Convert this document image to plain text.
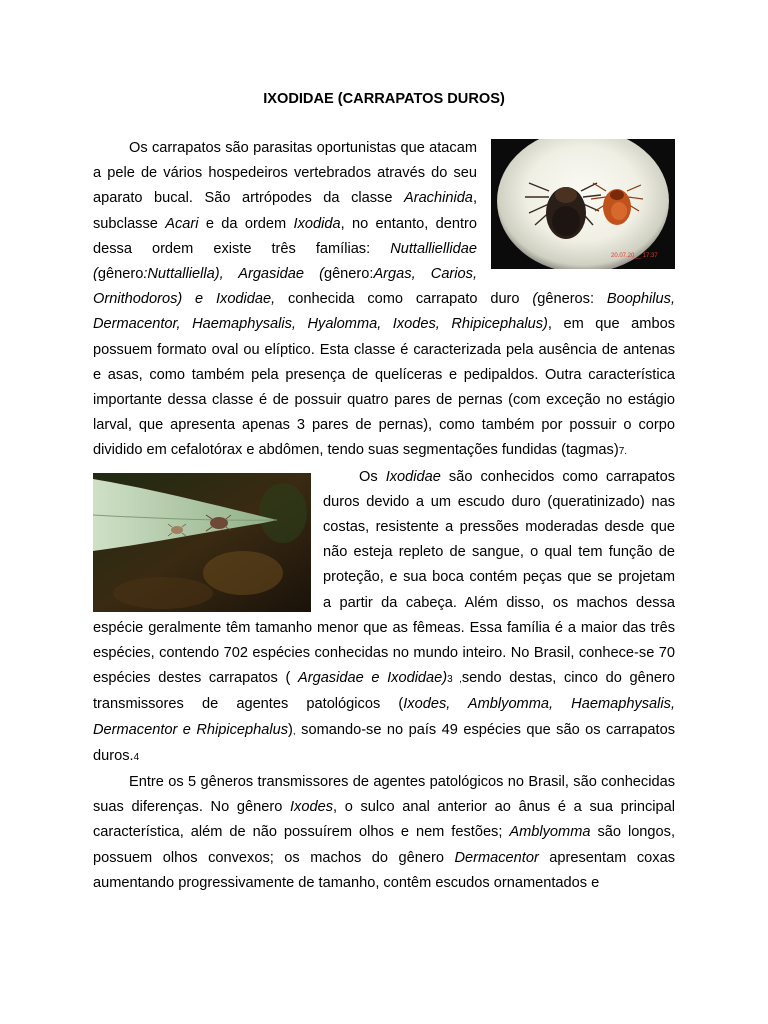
IXODIDAE (CARRAPATOS DUROS)

20.07.20__ 17:37
Os carrapatos são parasitas oportunistas que atacam a pele de vários hospedeiros vertebrados através do seu aparato bucal. São artrópodes da classe Arachinida, subclasse Acari e da ordem Ixodida, no entanto, dentro dessa ordem existe três famílias: Nuttalliellidae (gênero:Nuttalliella), Argasidae (gênero:Argas, Carios, Ornithodoros) e Ixodidae, conhecida como carrapato duro (gêneros: Boophilus, Dermacentor, Haemaphysalis, Hyalomma, Ixodes, Rhipicephalus), em que ambos possuem formato oval ou elíptico. Esta classe é caracterizada pela ausência de antenas e asas, como também pela presença de quelíceras e pedipaldos. Outra característica importante dessa classe é de possuir quatro pares de pernas (com exceção no estágio larval, que apresenta apenas 3 pares de pernas), como também por possuir o corpo dividido em cefalotórax e abdômen, tendo suas segmentações fundidas (tagmas)7.

Os Ixodidae são conhecidos como carrapatos duros devido a um escudo duro (queratinizado) nas costas, resistente a pressões moderadas desde que não esteja repleto de sangue, o qual tem função de proteção, e sua boca contém peças que se projetam a partir da cabeça. Além disso, os machos dessa espécie geralmente têm tamanho menor que as fêmeas. Essa família é a maior das três espécies, contendo 702 espécies conhecidas no mundo inteiro. No Brasil, conhece-se 70 espécies destes carrapatos ( Argasidae e Ixodidae)3 ,sendo destas, cinco do gênero transmissores de agentes patológicos (Ixodes, Amblyomma, Haemaphysalis, Dermacentor e Rhipicephalus), somando-se no país 49 espécies que são os carrapatos duros.4

Entre os 5 gêneros transmissores de agentes patológicos no Brasil, são conhecidas suas diferenças. No gênero Ixodes, o sulco anal anterior ao ânus é a sua principal característica, além de não possuírem olhos e nem festões; Amblyomma são longos, possuem olhos convexos; os machos do gênero Dermacentor apresentam coxas aumentando progressivamente de tamanho, contêm escudos ornamentados e
